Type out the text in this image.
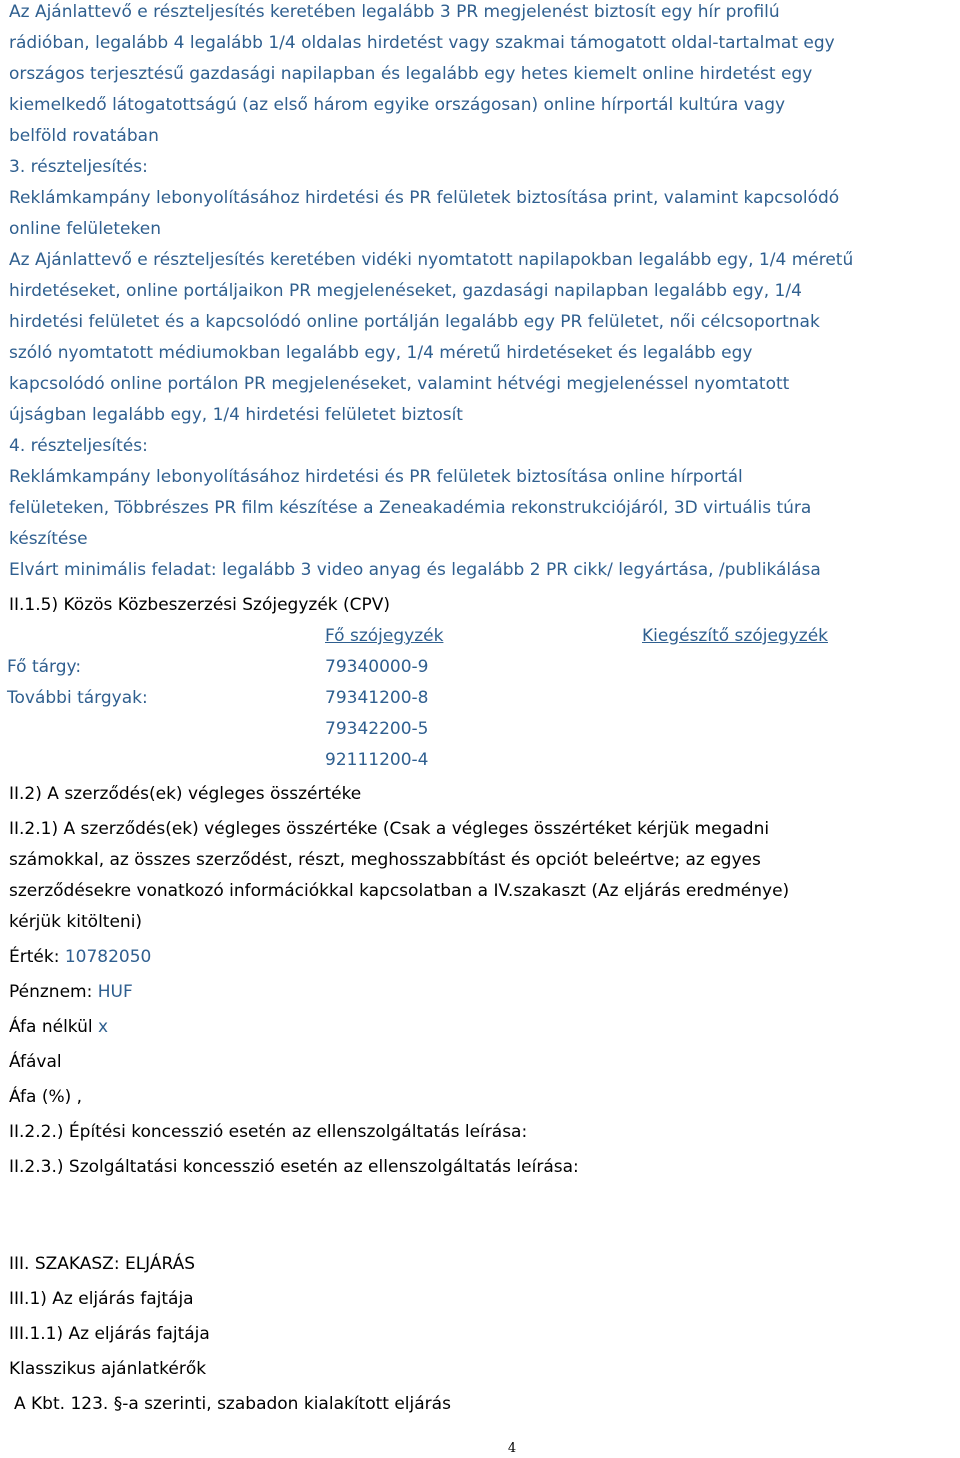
Az Ajánlattevő e részteljesítés keretében legalább 3 PR megjelenést biztosít egy hír profilú
rádióban, legalább 4 legalább 1/4 oldalas hirdetést vagy szakmai támogatott oldal-tartalmat egy
országos terjesztésű gazdasági napilapban és legalább egy hetes kiemelt online hirdetést egy
kiemelkedő látogatottságú (az első három egyike országosan) online hírportál kultúra vagy
belföld rovatában
3. részteljesítés:
Reklámkampány lebonyolításához hirdetési és PR felületek biztosítása print, valamint kapcsolódó
online felületeken
Az Ajánlattevő e részteljesítés keretében vidéki nyomtatott napilapokban legalább egy, 1/4 méretű
hirdetéseket, online portáljaikon PR megjelenéseket, gazdasági napilapban legalább egy, 1/4
hirdetési felületet és a kapcsolódó online portálján legalább egy PR felületet, női célcsoportnak
szóló nyomtatott médiumokban legalább egy, 1/4 méretű hirdetéseket és legalább egy
kapcsolódó online portálon PR megjelenéseket, valamint hétvégi megjelenéssel nyomtatott
újságban legalább egy, 1/4 hirdetési felületet biztosít
4. részteljesítés:
Reklámkampány lebonyolításához hirdetési és PR felületek biztosítása online hírportál
felületeken, Többrészes PR film készítése a Zeneakadémia rekonstrukciójáról, 3D virtuális túra
készítése
Elvárt minimális feladat: legalább 3 video anyag és legalább 2 PR cikk/ legyártása, /publikálása
II.1.5) Közös Közbeszerzési Szójegyzék (CPV)
Fő szójegyzék	Kiegészítő szójegyzék
Fő tárgy:	79340000-9
További tárgyak:	79341200-8
79342200-5
92111200-4
II.2) A szerződés(ek) végleges összértéke
II.2.1) A szerződés(ek) végleges összértéke (Csak a végleges összértéket kérjük megadni
számokkal, az összes szerződést, részt, meghosszabbítást és opciót beleértve; az egyes
szerződésekre vonatkozó információkkal kapcsolatban a IV.szakaszt (Az eljárás eredménye)
kérjük kitölteni)
Érték: 10782050
Pénznem: HUF
Áfa nélkül x
Áfával
Áfa (%) ,
II.2.2.) Építési koncesszió esetén az ellenszolgáltatás leírása:
II.2.3.) Szolgáltatási koncesszió esetén az ellenszolgáltatás leírása:
III. SZAKASZ: ELJÁRÁS
III.1) Az eljárás fajtája
III.1.1) Az eljárás fajtája
Klasszikus ajánlatkérők
A Kbt. 123. §-a szerinti, szabadon kialakított eljárás
4
